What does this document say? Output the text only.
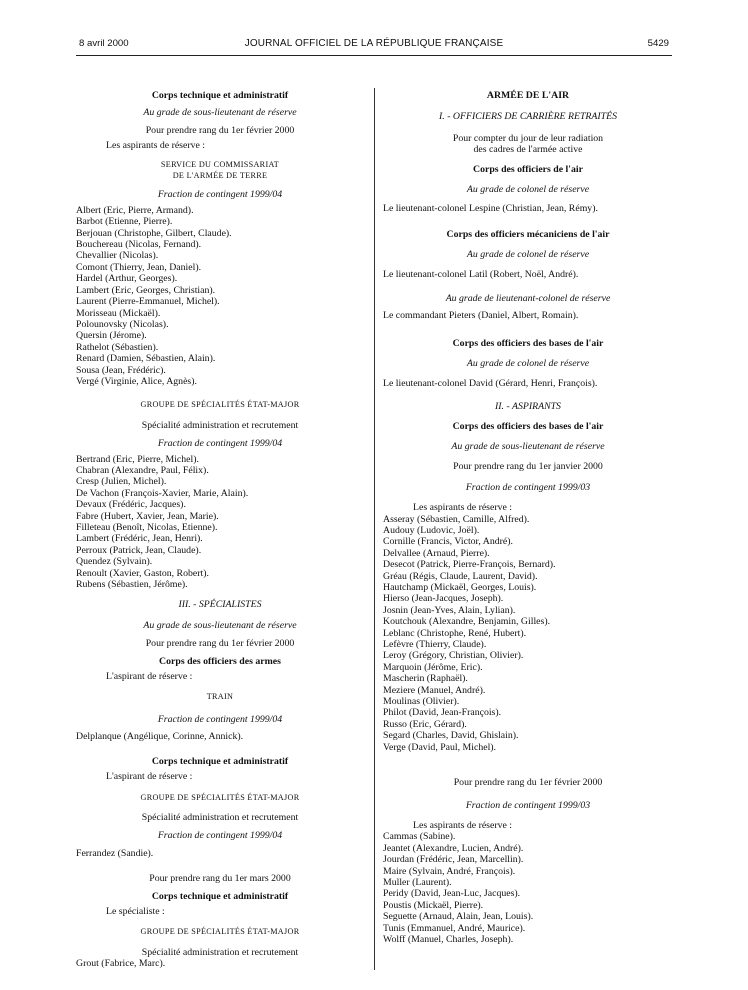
8 avril 2000	JOURNAL OFFICIEL DE LA RÉPUBLIQUE FRANÇAISE	5429
Corps technique et administratif
Au grade de sous-lieutenant de réserve
Pour prendre rang du 1er février 2000
Les aspirants de réserve :
SERVICE DU COMMISSARIAT
DE L'ARMÉE DE TERRE
Fraction de contingent 1999/04
Albert (Eric, Pierre, Armand).
Barbot (Etienne, Pierre).
Berjouan (Christophe, Gilbert, Claude).
Bouchereau (Nicolas, Fernand).
Chevallier (Nicolas).
Comont (Thierry, Jean, Daniel).
Hardel (Arthur, Georges).
Lambert (Eric, Georges, Christian).
Laurent (Pierre-Emmanuel, Michel).
Morisseau (Mickaël).
Polounovsky (Nicolas).
Quersin (Jérome).
Rathelot (Sébastien).
Renard (Damien, Sébastien, Alain).
Sousa (Jean, Frédéric).
Vergé (Virginie, Alice, Agnès).
GROUPE DE SPÉCIALITÉS ÉTAT-MAJOR
Spécialité administration et recrutement
Fraction de contingent 1999/04
Bertrand (Eric, Pierre, Michel).
Chabran (Alexandre, Paul, Félix).
Cresp (Julien, Michel).
De Vachon (François-Xavier, Marie, Alain).
Devaux (Frédéric, Jacques).
Fabre (Hubert, Xavier, Jean, Marie).
Filleteau (Benoît, Nicolas, Etienne).
Lambert (Frédéric, Jean, Henri).
Perroux (Patrick, Jean, Claude).
Quendez (Sylvain).
Renoult (Xavier, Gaston, Robert).
Rubens (Sébastien, Jérôme).
III. - SPÉCIALISTES
Au grade de sous-lieutenant de réserve
Pour prendre rang du 1er février 2000
Corps des officiers des armes
L'aspirant de réserve :
TRAIN
Fraction de contingent 1999/04
Delplanque (Angélique, Corinne, Annick).
Corps technique et administratif
L'aspirant de réserve :
GROUPE DE SPÉCIALITÉS ÉTAT-MAJOR
Spécialité administration et recrutement
Fraction de contingent 1999/04
Ferrandez (Sandie).
Pour prendre rang du 1er mars 2000
Corps technique et administratif
Le spécialiste :
GROUPE DE SPÉCIALITÉS ÉTAT-MAJOR
Spécialité administration et recrutement
Grout (Fabrice, Marc).
ARMÉE DE L'AIR
I. - OFFICIERS DE CARRIÈRE RETRAITÉS
Pour compter du jour de leur radiation
des cadres de l'armée active
Corps des officiers de l'air
Au grade de colonel de réserve
Le lieutenant-colonel Lespine (Christian, Jean, Rémy).
Corps des officiers mécaniciens de l'air
Au grade de colonel de réserve
Le lieutenant-colonel Latil (Robert, Noël, André).
Au grade de lieutenant-colonel de réserve
Le commandant Pieters (Daniel, Albert, Romain).
Corps des officiers des bases de l'air
Au grade de colonel de réserve
Le lieutenant-colonel David (Gérard, Henri, François).
II. - ASPIRANTS
Corps des officiers des bases de l'air
Au grade de sous-lieutenant de réserve
Pour prendre rang du 1er janvier 2000
Fraction de contingent 1999/03
Les aspirants de réserve :
Asseray (Sébastien, Camille, Alfred).
Audouy (Ludovic, Joël).
Cornille (Francis, Victor, André).
Delvallee (Arnaud, Pierre).
Desecot (Patrick, Pierre-François, Bernard).
Gréau (Régis, Claude, Laurent, David).
Hautchamp (Mickaël, Georges, Louis).
Hierso (Jean-Jacques, Joseph).
Josnin (Jean-Yves, Alain, Lylian).
Koutchouk (Alexandre, Benjamin, Gilles).
Leblanc (Christophe, René, Hubert).
Lefèvre (Thierry, Claude).
Leroy (Grégory, Christian, Olivier).
Marquoin (Jérôme, Eric).
Mascherin (Raphaël).
Meziere (Manuel, André).
Moulinas (Olivier).
Philot (David, Jean-François).
Russo (Eric, Gérard).
Segard (Charles, David, Ghislain).
Verge (David, Paul, Michel).
Pour prendre rang du 1er février 2000
Fraction de contingent 1999/03
Les aspirants de réserve :
Cammas (Sabine).
Jeantet (Alexandre, Lucien, André).
Jourdan (Frédéric, Jean, Marcellin).
Maire (Sylvain, André, François).
Muller (Laurent).
Peridy (David, Jean-Luc, Jacques).
Poustis (Mickaël, Pierre).
Seguette (Arnaud, Alain, Jean, Louis).
Tunis (Emmanuel, André, Maurice).
Wolff (Manuel, Charles, Joseph).
